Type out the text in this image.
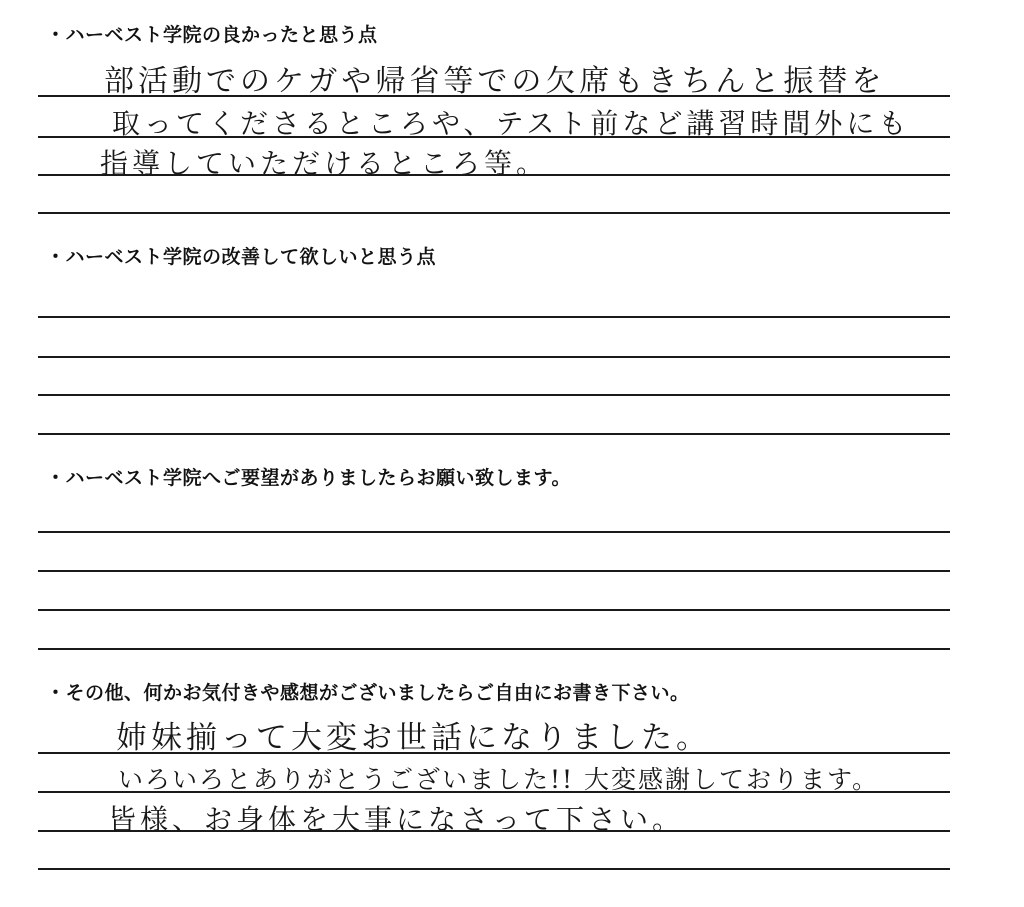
・ハーベスト学院の良かったと思う点
部活動でのケガや帰省等での欠席もきちんと振替を
取ってくださるところや、テスト前など講習時間外にも
指導していただけるところ等。
・ハーベスト学院の改善して欲しいと思う点
・ハーベスト学院へご要望がありましたらお願い致します。
・その他、何かお気付きや感想がございましたらご自由にお書き下さい。
姉妹揃って大変お世話になりました。
いろいろとありがとうございました!! 大変感謝しております。
皆様、お身体を大事になさって下さい。
